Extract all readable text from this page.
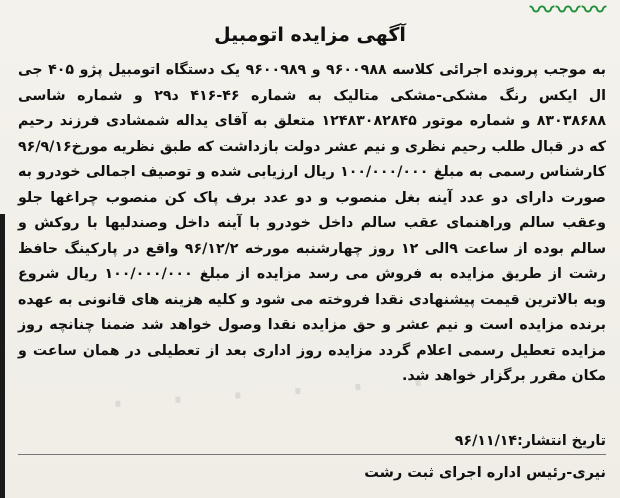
〰〰〰
آگهی مزایده اتومبیل
به موجب پرونده اجرائی کلاسه ۹۶۰۰۹۸۸ و ۹۶۰۰۹۸۹ یک دستگاه اتومبیل پژو ۴۰۵ جی ال ایکس رنگ مشکی-مشکی متالیک به شماره ۴۶-۴۱۶ د۲۹ و شماره شاسی ۸۳۰۳۸۶۸۸ و شماره موتور ۱۲۴۸۳۰۸۲۸۴۵ متعلق به آقای یداله شمشادی فرزند رحیم که در قبال طلب رحیم نظری و نیم عشر دولت بازداشت که طبق نظریه مورخ۹۶/۹/۱۶ کارشناس رسمی به مبلغ ۱۰۰/۰۰۰/۰۰۰ ریال ارزیابی شده و توصیف اجمالی خودرو به صورت دارای دو عدد آینه بغل منصوب و دو عدد برف پاک کن منصوب چراغها جلو وعقب سالم وراهنمای عقب سالم داخل خودرو با آینه داخل وصندلیها با روکش و سالم بوده از ساعت ۹الی ۱۲ روز چهارشنبه مورخه ۹۶/۱۲/۲ واقع در پارکینگ حافظ رشت از طریق مزایده به فروش می رسد مزایده از مبلغ ۱۰۰/۰۰۰/۰۰۰ ریال شروع وبه بالاترین قیمت پیشنهادی نقدا فروخته می شود و کلیه هزینه های قانونی به عهده برنده مزایده است و نیم عشر و حق مزایده نقدا وصول خواهد شد ضمنا چنانچه روز مزایده تعطیل رسمی اعلام گردد مزایده روز اداری بعد از تعطیلی در همان ساعت و مکان مقرر برگزار خواهد شد.
· · · · · ·
تاریخ انتشار:۹۶/۱۱/۱۴
نیری-رئیس اداره اجرای ثبت رشت
